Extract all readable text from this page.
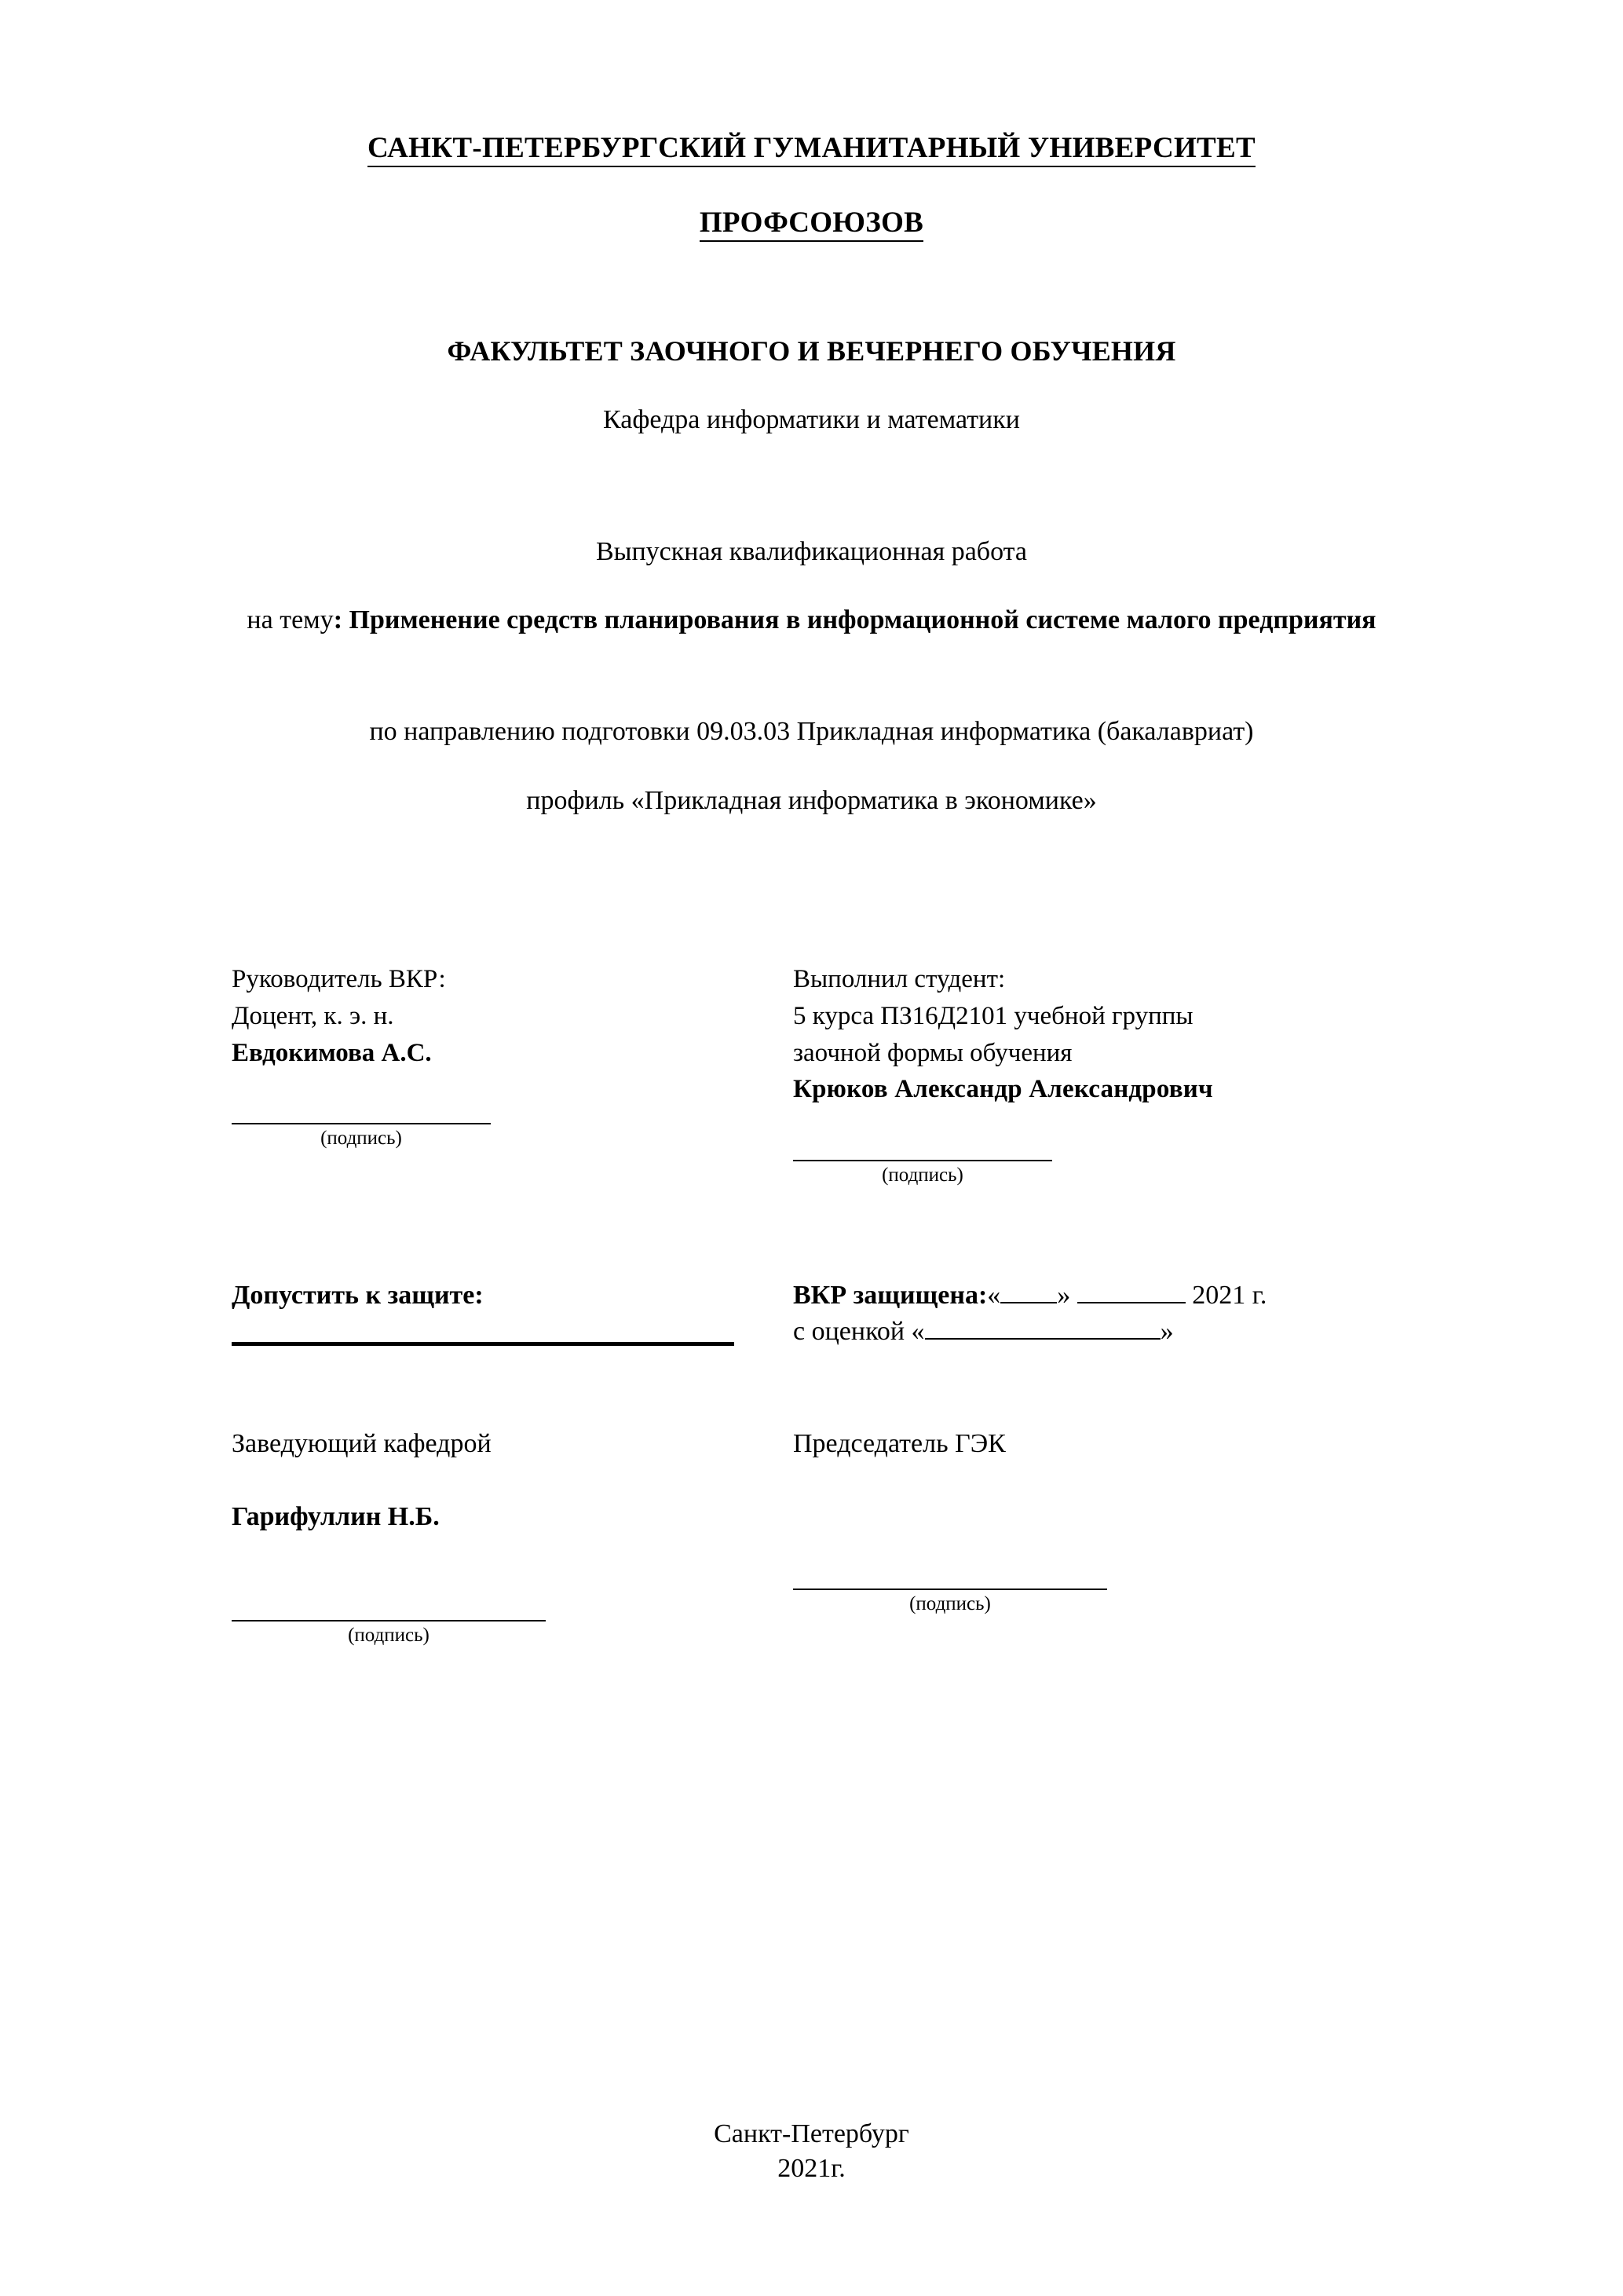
САНКТ-ПЕТЕРБУРГСКИЙ ГУМАНИТАРНЫЙ УНИВЕРСИТЕТ
ПРОФСОЮЗОВ
ФАКУЛЬТЕТ ЗАОЧНОГО И ВЕЧЕРНЕГО ОБУЧЕНИЯ
Кафедра информатики и математики
Выпускная квалификационная работа
на тему: Применение средств планирования в информационной системе малого предприятия
по направлению подготовки 09.03.03 Прикладная информатика (бакалавриат)
профиль «Прикладная информатика в экономике»
Руководитель ВКР:
Доцент, к. э. н.
Евдокимова А.С.
(подпись)
Выполнил студент:
5 курса ПЗ16Д2101 учебной группы
заочной формы обучения
Крюков Александр Александрович
(подпись)
Допустить к защите:	ВКР защищена:« »	2021 г.
с оценкой «	»
Заведующий кафедрой
Гарифуллин Н.Б.
(подпись)
Председатель ГЭК
(подпись)
Санкт-Петербург
2021г.
